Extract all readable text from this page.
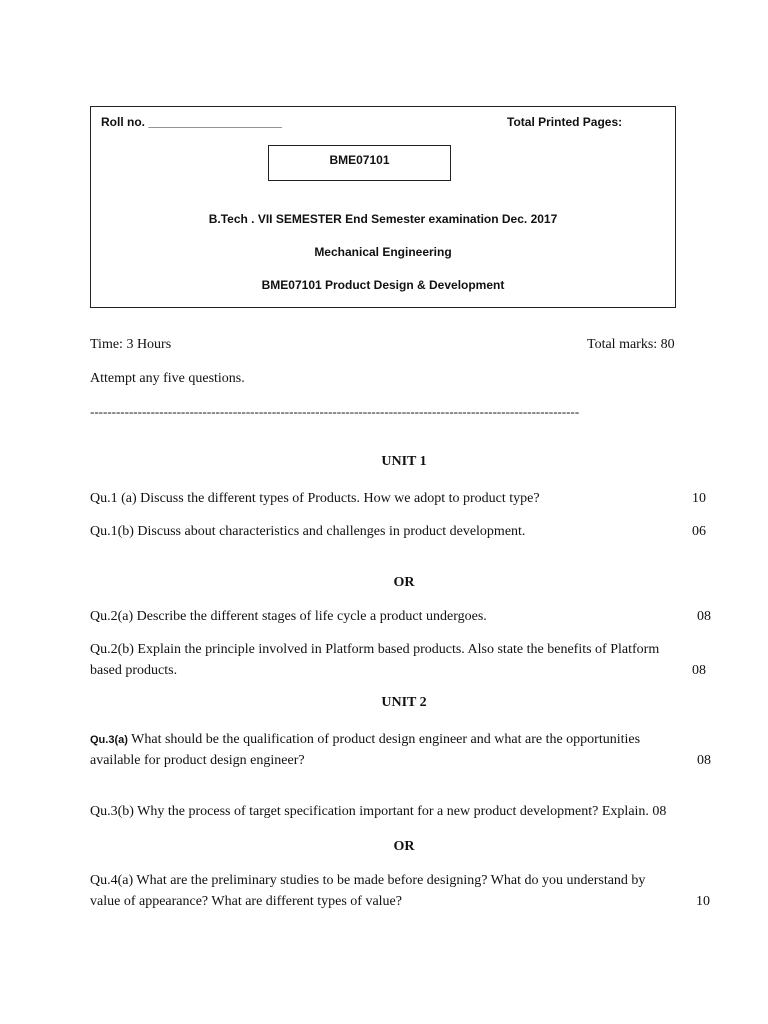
Roll no. ____________________	Total Printed Pages:
BME07101
B.Tech . VII SEMESTER End Semester examination Dec. 2017
Mechanical Engineering
BME07101 Product Design & Development
Time: 3 Hours	Total marks: 80
Attempt any five questions.
-----------------------------------------------------------------------------------------------------------------
UNIT 1
Qu.1 (a) Discuss the different types of Products. How we adopt to product type?	10
Qu.1(b) Discuss about characteristics and challenges in product development.	06
OR
Qu.2(a) Describe the different stages of life cycle a product undergoes.	08
Qu.2(b) Explain the principle involved in Platform based products. Also state the benefits of Platform
based products.	08
UNIT 2
Qu.3(a) What should be the qualification of product design engineer and what are the opportunities
available for product design engineer?	08
Qu.3(b) Why the process of target specification important for a new product development? Explain. 08
OR
Qu.4(a) What are the preliminary studies to be made before designing? What do you understand by
value of appearance? What are different types of value?	10
